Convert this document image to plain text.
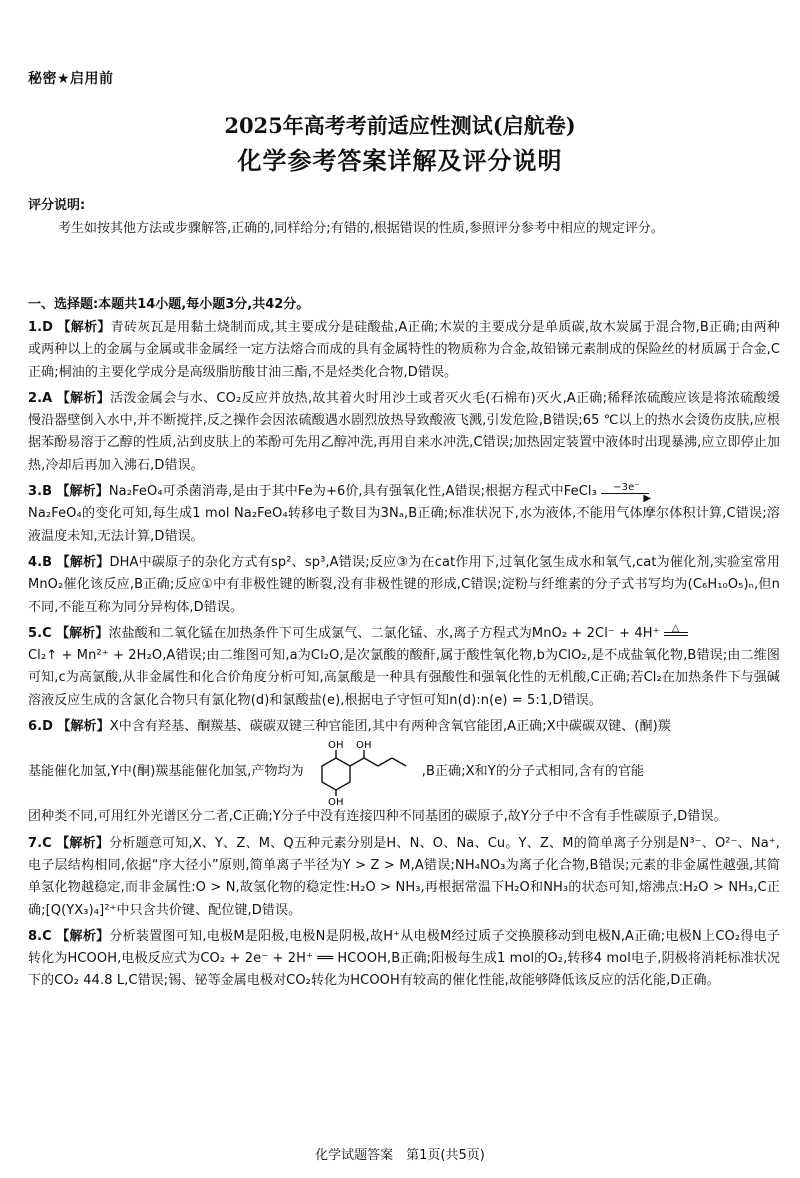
秘密★启用前
2025年高考考前适应性测试(启航卷)
化学参考答案详解及评分说明
评分说明:
考生如按其他方法或步骤解答,正确的,同样给分;有错的,根据错误的性质,参照评分参考中相应的规定评分。
一、选择题:本题共14小题,每小题3分,共42分。

1.D 【解析】青砖灰瓦是用黏土烧制而成,其主要成分是硅酸盐,A正确;木炭的主要成分是单质碳,故木炭属于混合物,B正确;由两种或两种以上的金属与金属或非金属经一定方法熔合而成的具有金属特性的物质称为合金,故铅锑元素制成的保险丝的材质属于合金,C正确;桐油的主要化学成分是高级脂肪酸甘油三酯,不是烃类化合物,D错误。

2.A 【解析】活泼金属会与水、CO₂反应并放热,故其着火时用沙土或者灭火毛(石棉布)灭火,A正确;稀释浓硫酸应该是将浓硫酸缓慢沿器壁倒入水中,并不断搅拌,反之操作会因浓硫酸遇水剧烈放热导致酸液飞溅,引发危险,B错误;65 ℃以上的热水会烫伤皮肤,应根据苯酚易溶于乙醇的性质,沾到皮肤上的苯酚可先用乙醇冲洗,再用自来水冲洗,C错误;加热固定装置中液体时出现暴沸,应立即停止加热,冷却后再加入沸石,D错误。

3.B 【解析】Na₂FeO₄可杀菌消毒,是由于其中Fe为+6价,具有强氧化性,A错误;根据方程式中FeCl₃ −3e⁻
▶

Na₂FeO₄的变化可知,每生成1 mol Na₂FeO₄转移电子数目为3Nₐ,B正确;标准状况下,水为液体,不能用气体摩尔体积计算,C错误;溶液温度未知,无法计算,D错误。

4.B 【解析】DHA中碳原子的杂化方式有sp²、sp³,A错误;反应③为在cat作用下,过氧化氢生成水和氧气,cat为催化剂,实验室常用MnO₂催化该反应,B正确;反应①中有非极性键的断裂,没有非极性键的形成,C错误;淀粉与纤维素的分子式书写均为(C₆H₁₀O₅)ₙ,但n不同,不能互称为同分异构体,D错误。

5.C 【解析】浓盐酸和二氧化锰在加热条件下可生成氯气、二氯化锰、水,离子方程式为MnO₂ + 2Cl⁻ + 4H⁺ △

Cl₂↑ + Mn²⁺ + 2H₂O,A错误;由二维图可知,a为Cl₂O,是次氯酸的酸酐,属于酸性氧化物,b为ClO₂,是不成盐氧化物,B错误;由二维图可知,c为高氯酸,从非金属性和化合价角度分析可知,高氯酸是一种具有强酸性和强氧化性的无机酸,C正确;若Cl₂在加热条件下与强碱溶液反应生成的含氯化合物只有氯化物(d)和氯酸盐(e),根据电子守恒可知n(d):n(e) = 5:1,D错误。

6.D 【解析】X中含有羟基、酮羰基、碳碳双键三种官能团,其中有两种含氧官能团,A正确;X中碳碳双键、(酮)羰
基能催化加氢,Y中(酮)羰基能催化加氢,产物均为
OH OH
OH
,B正确;X和Y的分子式相同,含有的官能
团种类不同,可用红外光谱区分二者,C正确;Y分子中没有连接四种不同基团的碳原子,故Y分子中不含有手性碳原子,D错误。

7.C 【解析】分析题意可知,X、Y、Z、M、Q五种元素分别是H、N、O、Na、Cu。Y、Z、M的简单离子分别是N³⁻、O²⁻、Na⁺,电子层结构相同,依据“序大径小”原则,简单离子半径为Y > Z > M,A错误;NH₄NO₃为离子化合物,B错误;元素的非金属性越强,其简单氢化物越稳定,而非金属性:O > N,故氢化物的稳定性:H₂O > NH₃,再根据常温下H₂O和NH₃的状态可知,熔沸点:H₂O > NH₃,C正确;[Q(YX₃)₄]²⁺中只含共价键、配位键,D错误。

8.C 【解析】分析装置图可知,电极M是阳极,电极N是阴极,故H⁺从电极M经过质子交换膜移动到电极N,A正确;电极N上CO₂得电子转化为HCOOH,电极反应式为CO₂ + 2e⁻ + 2H⁺ ══ HCOOH,B正确;阳极每生成1 mol的O₂,转移4 mol电子,阴极将消耗标准状况下的CO₂ 44.8 L,C错误;锡、铋等金属电极对CO₂转化为HCOOH有较高的催化性能,故能够降低该反应的活化能,D正确。

化学试题答案　第1页(共5页)
